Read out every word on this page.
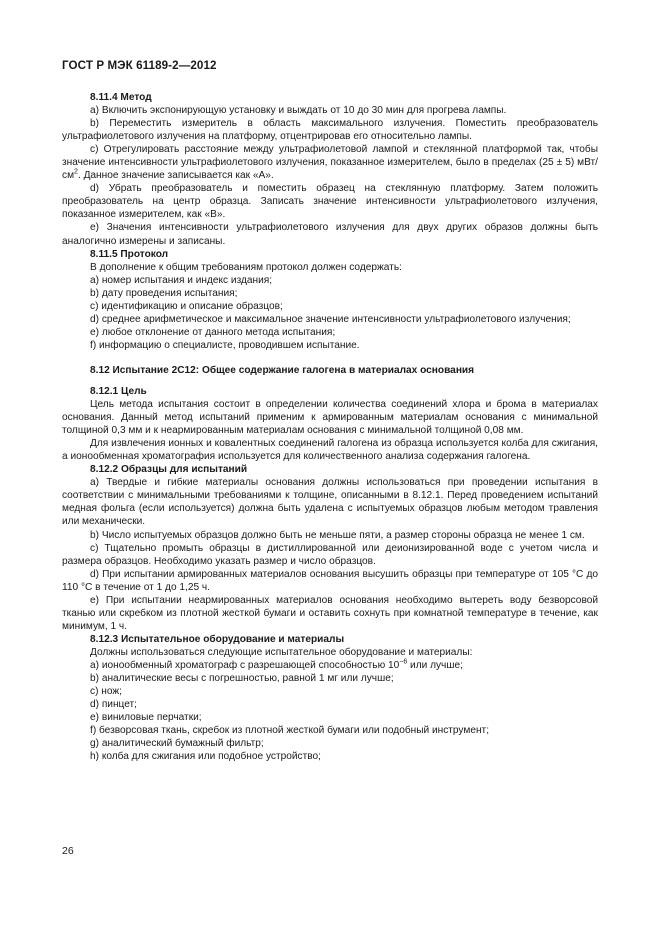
ГОСТ Р МЭК 61189-2—2012

8.11.4 Метод

а) Включить экспонирующую установку и выждать от 10 до 30 мин для прогрева лампы.

b) Переместить измеритель в область максимального излучения. Поместить преобразователь ультрафиолетового излучения на платформу, отцентрировав его относительно лампы.

с) Отрегулировать расстояние между ультрафиолетовой лампой и стеклянной платформой так, чтобы значение интенсивности ультрафиолетового излучения, показанное измерителем, было в пределах (25 ± 5) мВт/$см^2$. Данное значение записывается как «А».

d) Убрать преобразователь и поместить образец на стеклянную платформу. Затем положить преобразователь на центр образца. Записать значение интенсивности ультрафиолетового излучения, показанное измерителем, как «В».

е) Значения интенсивности ультрафиолетового излучения для двух других образов должны быть аналогично измерены и записаны.

8.11.5 Протокол

В дополнение к общим требованиям протокол должен содержать:

а) номер испытания и индекс издания;

b) дату проведения испытания;

с) идентификацию и описание образцов;

d) среднее арифметическое и максимальное значение интенсивности ультрафиолетового излучения;

е) любое отклонение от данного метода испытания;

f) информацию о специалисте, проводившем испытание.

8.12 Испытание 2С12: Общее содержание галогена в материалах основания

8.12.1 Цель

Цель метода испытания состоит в определении количества соединений хлора и брома в материалах основания. Данный метод испытаний применим к армированным материалам основания с минимальной толщиной 0,3 мм и к неармированным материалам основания с минимальной толщиной 0,08 мм.

Для извлечения ионных и ковалентных соединений галогена из образца используется колба для сжигания, а ионообменная хроматография используется для количественного анализа содержания галогена.

8.12.2 Образцы для испытаний

а) Твердые и гибкие материалы основания должны использоваться при проведении испытания в соответствии с минимальными требованиями к толщине, описанными в 8.12.1. Перед проведением испытаний медная фольга (если используется) должна быть удалена с испытуемых образцов любым методом травления или механически.

b) Число испытуемых образцов должно быть не меньше пяти, а размер стороны образца не менее 1 см.

с) Тщательно промыть образцы в дистиллированной или деионизированной воде с учетом числа и размера образцов. Необходимо указать размер и число образцов.

d) При испытании армированных материалов основания высушить образцы при температуре от 105 °С до 110 °С в течение от 1 до 1,25 ч.

е) При испытании неармированных материалов основания необходимо вытереть воду безворсовой тканью или скребком из плотной жесткой бумаги и оставить сохнуть при комнатной температуре в течение, как минимум, 1 ч.

8.12.3 Испытательное оборудование и материалы

Должны использоваться следующие испытательное оборудование и материалы:

а) ионообменный хроматограф с разрешающей способностью $10^{-6}$ или лучше;

b) аналитические весы с погрешностью, равной 1 мг или лучше;

с) нож;

d) пинцет;

е) виниловые перчатки;

f) безворсовая ткань, скребок из плотной жесткой бумаги или подобный инструмент;

g) аналитический бумажный фильтр;

h) колба для сжигания или подобное устройство;

26
